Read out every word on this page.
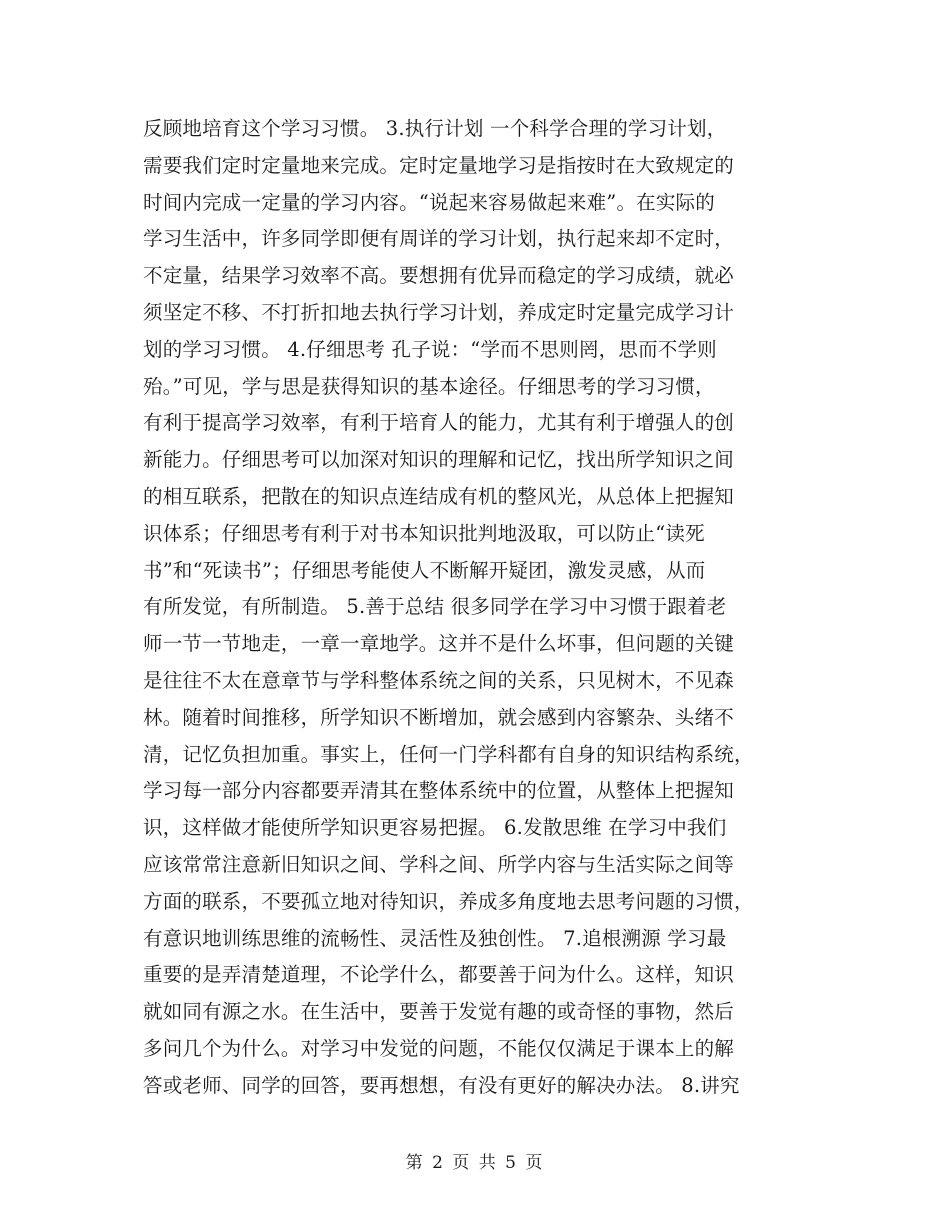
反顾地培育这个学习习惯。 3.执行计划 一个科学合理的学习计划，
需要我们定时定量地来完成。定时定量地学习是指按时在大致规定的
时间内完成一定量的学习内容。“说起来容易做起来难”。在实际的
学习生活中，许多同学即便有周详的学习计划，执行起来却不定时，
不定量，结果学习效率不高。要想拥有优异而稳定的学习成绩，就必
须坚定不移、不打折扣地去执行学习计划，养成定时定量完成学习计
划的学习习惯。 4.仔细思考 孔子说：“学而不思则罔，思而不学则
殆。”可见，学与思是获得知识的基本途径。仔细思考的学习习惯，
有利于提高学习效率，有利于培育人的能力，尤其有利于增强人的创
新能力。仔细思考可以加深对知识的理解和记忆，找出所学知识之间
的相互联系，把散在的知识点连结成有机的整风光，从总体上把握知
识体系；仔细思考有利于对书本知识批判地汲取，可以防止“读死
书”和“死读书”；仔细思考能使人不断解开疑团，激发灵感，从而
有所发觉，有所制造。 5.善于总结 很多同学在学习中习惯于跟着老
师一节一节地走，一章一章地学。这并不是什么坏事，但问题的关键
是往往不太在意章节与学科整体系统之间的关系，只见树木，不见森
林。随着时间推移，所学知识不断增加，就会感到内容繁杂、头绪不
清，记忆负担加重。事实上，任何一门学科都有自身的知识结构系统，
学习每一部分内容都要弄清其在整体系统中的位置，从整体上把握知
识，这样做才能使所学知识更容易把握。 6.发散思维 在学习中我们
应该常常注意新旧知识之间、学科之间、所学内容与生活实际之间等
方面的联系，不要孤立地对待知识，养成多角度地去思考问题的习惯，
有意识地训练思维的流畅性、灵活性及独创性。 7.追根溯源 学习最
重要的是弄清楚道理，不论学什么，都要善于问为什么。这样，知识
就如同有源之水。在生活中，要善于发觉有趣的或奇怪的事物，然后
多问几个为什么。对学习中发觉的问题，不能仅仅满足于课本上的解
答或老师、同学的回答，要再想想，有没有更好的解决办法。 8.讲究
第 2 页 共 5 页
